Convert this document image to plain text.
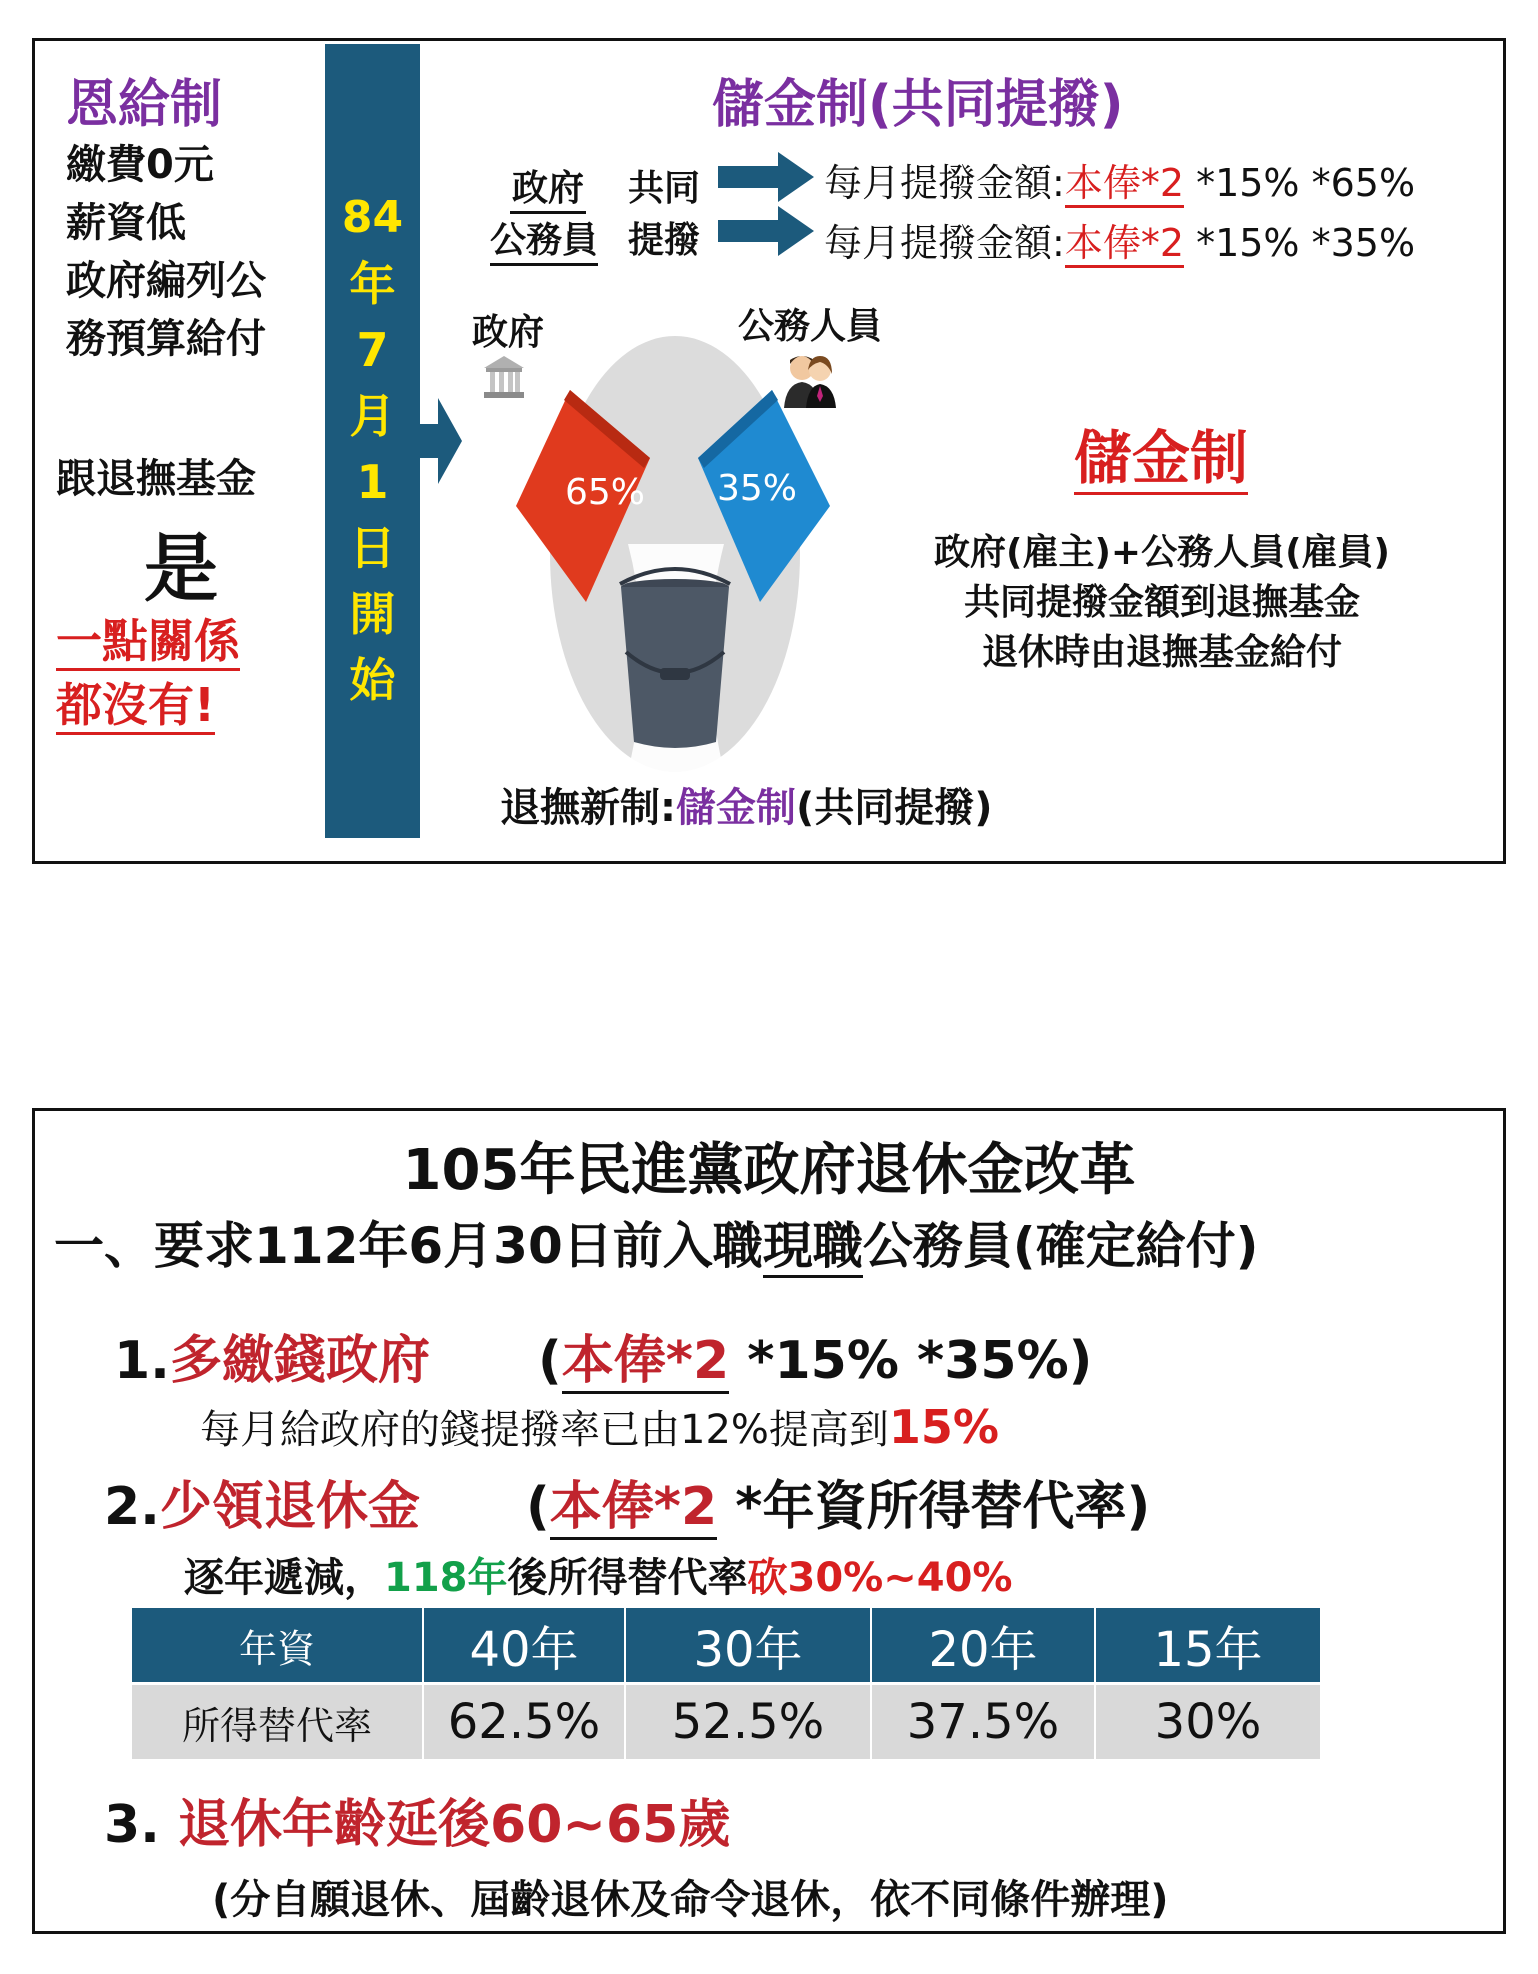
恩給制
繳費0元
薪資低
政府編列公
務預算給付
跟退撫基金
是
一點關係
都沒有!
84
年
7
月
1
日
開
始
儲金制(共同提撥)
政府
公務員
共同
提撥
每月提撥金額:本俸*2 *15% *65%
每月提撥金額:本俸*2 *15% *35%
政府	公務人員
65% 35%	儲金制
政府(雇主)+公務人員(雇員)
共同提撥金額到退撫基金
退休時由退撫基金給付
退撫新制:儲金制(共同提撥)
105年民進黨政府退休金改革
一、要求112年6月30日前入職現職公務員(確定給付)
1.多繳錢政府 (本俸*2 *15% *35%)
每月給政府的錢提撥率已由12%提高到15%
2.少領退休金 (本俸*2 *年資所得替代率)
逐年遞減，118年後所得替代率砍30%~40%
年資	40年	30年	20年	15年
所得替代率	62.5%	52.5%	37.5%	30%
3. 退休年齡延後60~65歲
(分自願退休、屆齡退休及命令退休，依不同條件辦理)
